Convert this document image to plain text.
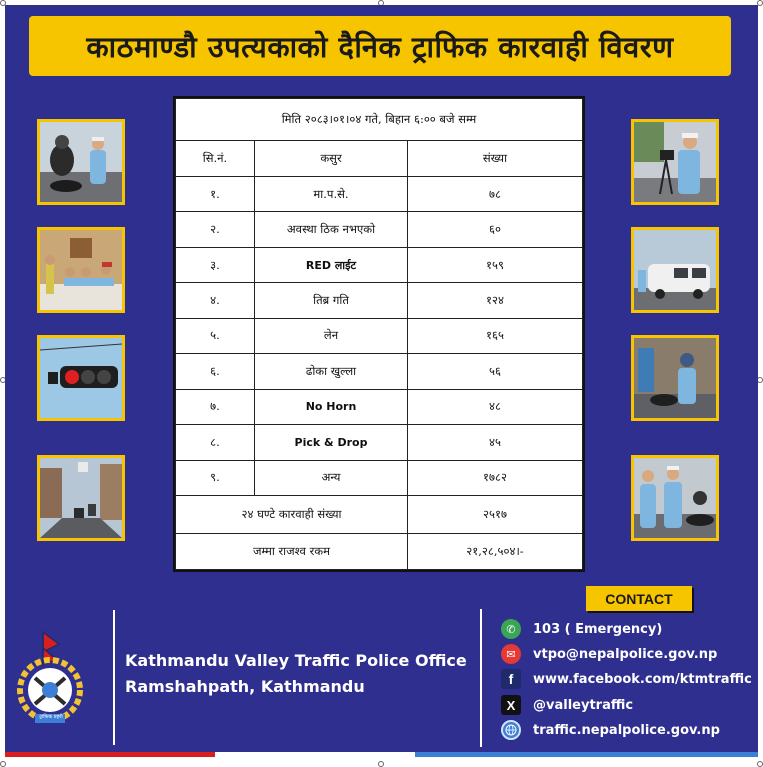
काठमाण्डौ उपत्यकाको दैनिक ट्राफिक कारवाही विवरण
मिति २०८३।०१।०४ गते, बिहान ६:०० बजे सम्म		
सि.नं.	कसुर	संख्या
१.	मा.प.से.	७८
२.	अवस्था ठिक नभएको	६०
३.	RED लाईट	१५९
४.	तिब्र गति	१२४
५.	लेन	१६५
६.	ढोका खुल्ला	५६
७.	No Horn	४८
८.	Pick & Drop	४५
९.	अन्य	१७८२
२४ घण्टे कारवाही संख्या		२५१७
जम्मा राजश्व रकम		२१,२८,५०४।-
CONTACT
ट्राफिक प्रहरी
Kathmandu Valley Traffic Police Office
Ramshahpath, Kathmandu
✆	103 ( Emergency)
✉	vtpo@nepalpolice.gov.np
f	www.facebook.com/ktmtraffic
X	@valleytraffic
traffic.nepalpolice.gov.np
